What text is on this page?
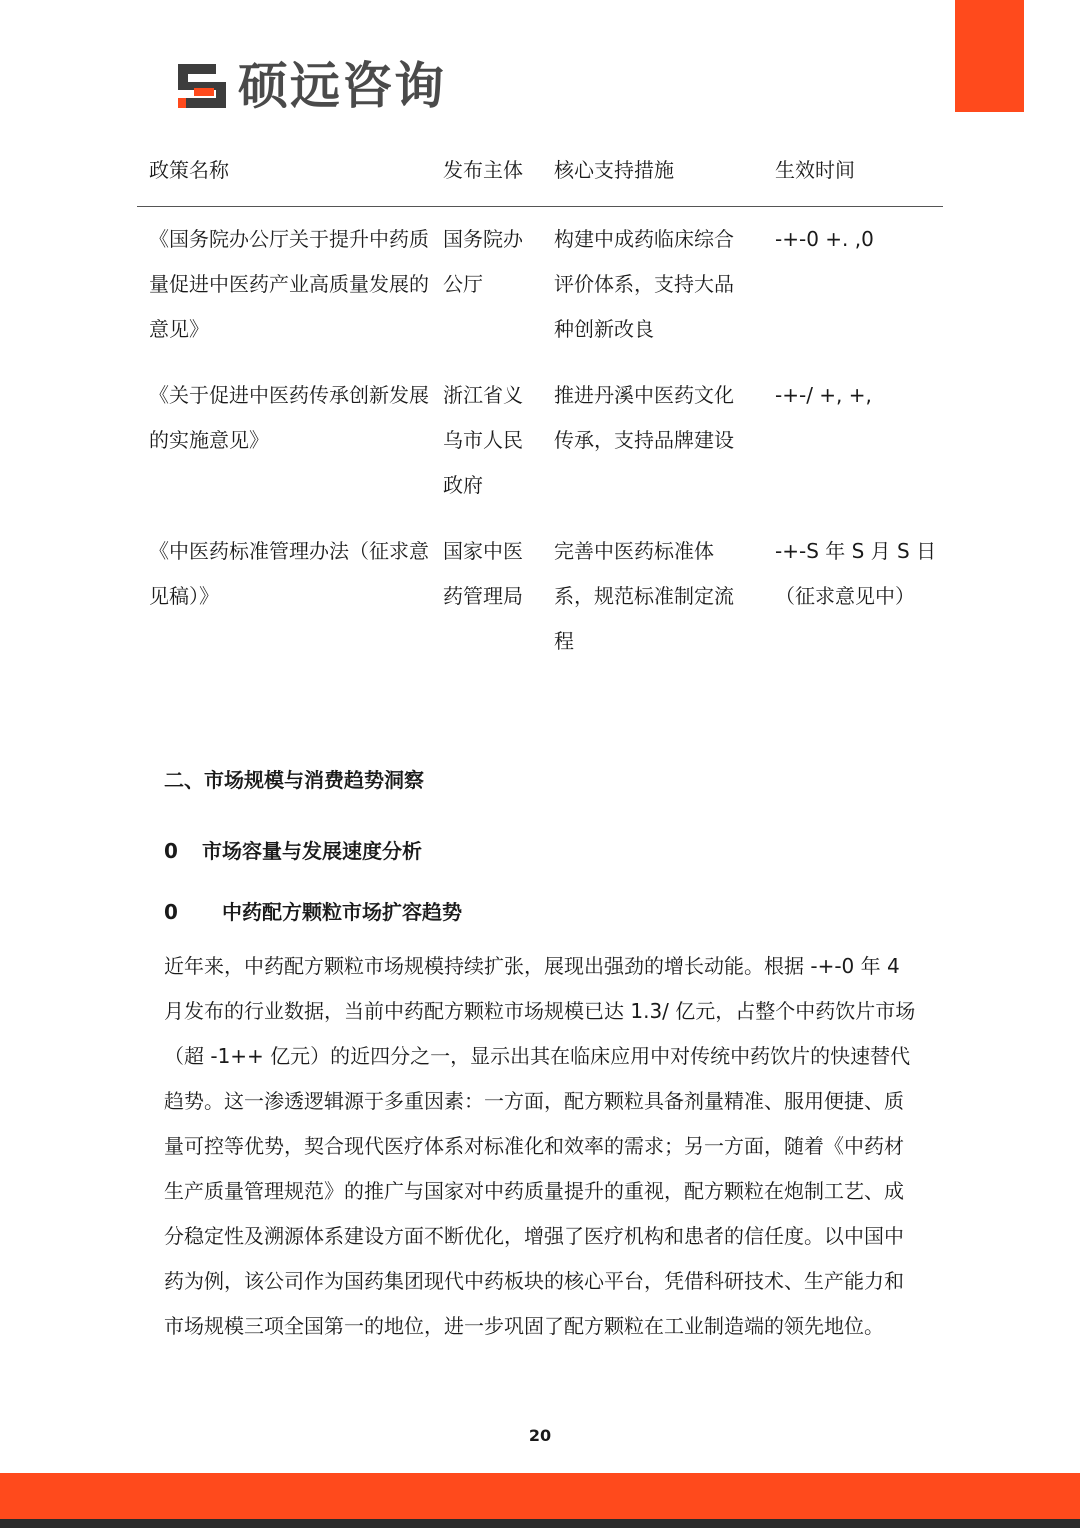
硕远咨询
政策名称	发布主体	核心支持措施	生效时间
《国务院办公厅关于提升中药质量促进中医药产业高质量发展的意见》	国务院办公厅	构建中成药临床综合评价体系，支持大品种创新改良	-+-0 +. ,0
《关于促进中医药传承创新发展的实施意见》	浙江省义乌市人民政府	推进丹溪中医药文化传承，支持品牌建设	-+-/ +, +,
《中医药标准管理办法（征求意见稿）》	国家中医药管理局	完善中医药标准体系，规范标准制定流程	-+-S 年 S 月 S 日（征求意见中）
二、市场规模与消费趋势洞察
0 市场容量与发展速度分析
0 中药配方颗粒市场扩容趋势
近年来，中药配方颗粒市场规模持续扩张，展现出强劲的增长动能。根据 -+-0 年 4 月发布的行业数据，当前中药配方颗粒市场规模已达 1.3/ 亿元，占整个中药饮片市场（超 -1++ 亿元）的近四分之一，显示出其在临床应用中对传统中药饮片的快速替代趋势。这一渗透逻辑源于多重因素：一方面，配方颗粒具备剂量精准、服用便捷、质量可控等优势，契合现代医疗体系对标准化和效率的需求；另一方面，随着《中药材生产质量管理规范》的推广与国家对中药质量提升的重视，配方颗粒在炮制工艺、成分稳定性及溯源体系建设方面不断优化，增强了医疗机构和患者的信任度。以中国中药为例，该公司作为国药集团现代中药板块的核心平台，凭借科研技术、生产能力和市场规模三项全国第一的地位，进一步巩固了配方颗粒在工业制造端的领先地位。
20
